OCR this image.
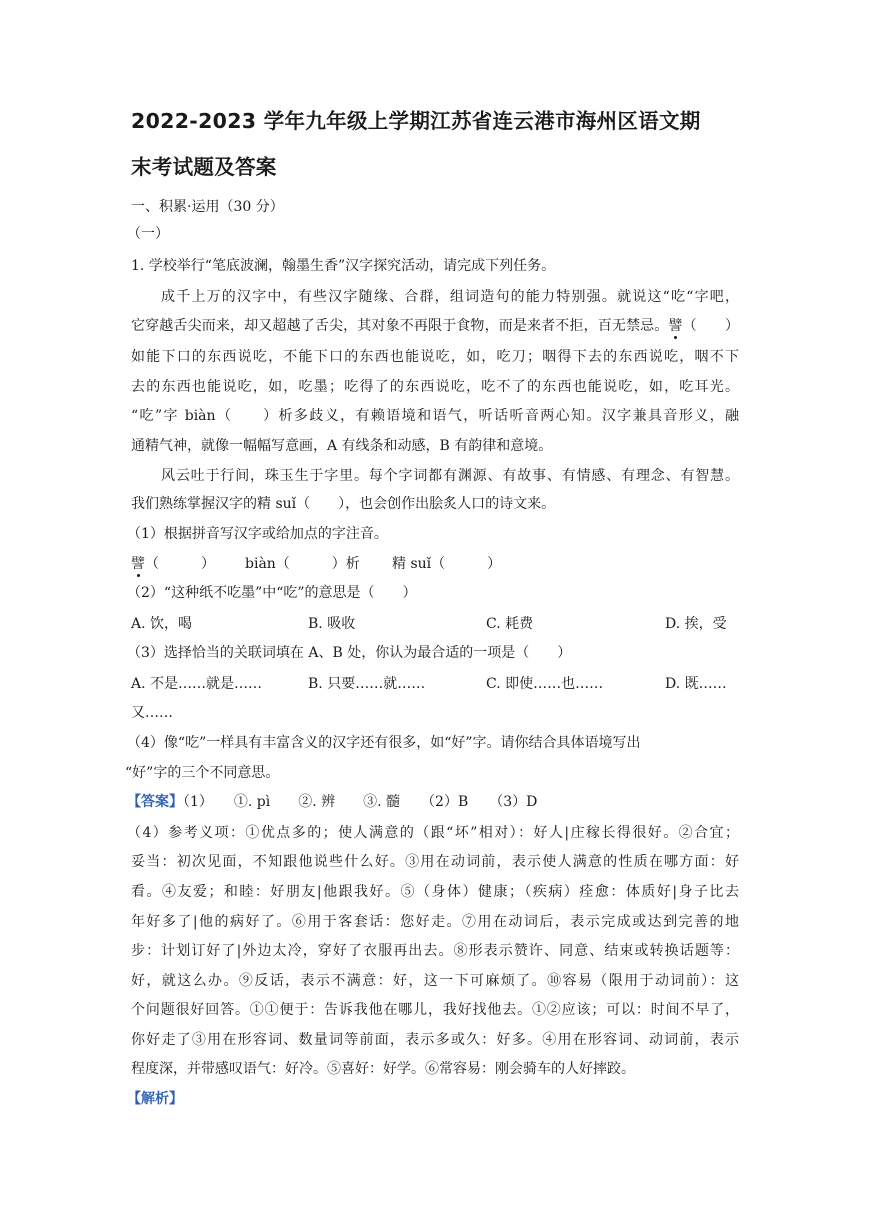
2022-2023 学年九年级上学期江苏省连云港市海州区语文期
末考试题及答案
一、积累·运用（30 分）
（一）
1. 学校举行“笔底波澜，翰墨生香”汉字探究活动，请完成下列任务。
成千上万的汉字中，有些汉字随缘、合群，组词造句的能力特别强。就说这“吃“字吧，
它穿越舌尖而来，却又超越了舌尖，其对象不再限于食物，而是来者不拒，百无禁忌。譬（　　）
如能下口的东西说吃，不能下口的东西也能说吃，如，吃刀；咽得下去的东西说吃，咽不下
去的东西也能说吃，如，吃墨；吃得了的东西说吃，吃不了的东西也能说吃，如，吃耳光。
“吃”字 biàn（　　）析多歧义，有赖语境和语气，听话听音两心知。汉字兼具音形义，融
通精气神，就像一幅幅写意画，A 有线条和动感，B 有韵律和意境。
风云吐于行间，珠玉生于字里。每个字词都有渊源、有故事、有情感、有理念、有智慧。
我们熟练掌握汉字的精 suǐ（　　），也会创作出脍炙人口的诗文来。
（1）根据拼音写汉字或给加点的字注音。
譬（　　　） biàn（　　　）析 精 suǐ（　　　）
（2）“这种纸不吃墨”中“吃”的意思是（　　）
A. 饮，喝	B. 吸收	C. 耗费	D. 挨，受
（3）选择恰当的关联词填在 A、B 处，你认为最合适的一项是（　　）
A. 不是……就是……	B. 只要……就……	C. 即使……也……	D. 既……
又……
（4）像“吃”一样具有丰富含义的汉字还有很多，如“好”字。请你结合具体语境写出
“好”字的三个不同意思。
【答案】（1）　　①. pì　　②. 辨　　③. 髓　　（2）B　　（3）D
（4）参考义项：①优点多的；使人满意的（跟“坏”相对）：好人|庄稼长得很好。②合宜；
妥当：初次见面，不知跟他说些什么好。③用在动词前，表示使人满意的性质在哪方面：好
看。④友爱；和睦：好朋友|他跟我好。⑤（身体）健康；（疾病）痊愈：体质好|身子比去
年好多了|他的病好了。⑥用于客套话：您好走。⑦用在动词后，表示完成或达到完善的地
步：计划订好了|外边太冷，穿好了衣服再出去。⑧形表示赞许、同意、结束或转换话题等：
好，就这么办。⑨反话，表示不满意：好，这一下可麻烦了。⑩容易（限用于动词前）：这
个问题很好回答。①①便于：告诉我他在哪儿，我好找他去。①②应该；可以：时间不早了，
你好走了③用在形容词、数量词等前面，表示多或久：好多。④用在形容词、动词前，表示
程度深，并带感叹语气：好冷。⑤喜好：好学。⑥常容易：刚会骑车的人好摔跤。
【解析】
